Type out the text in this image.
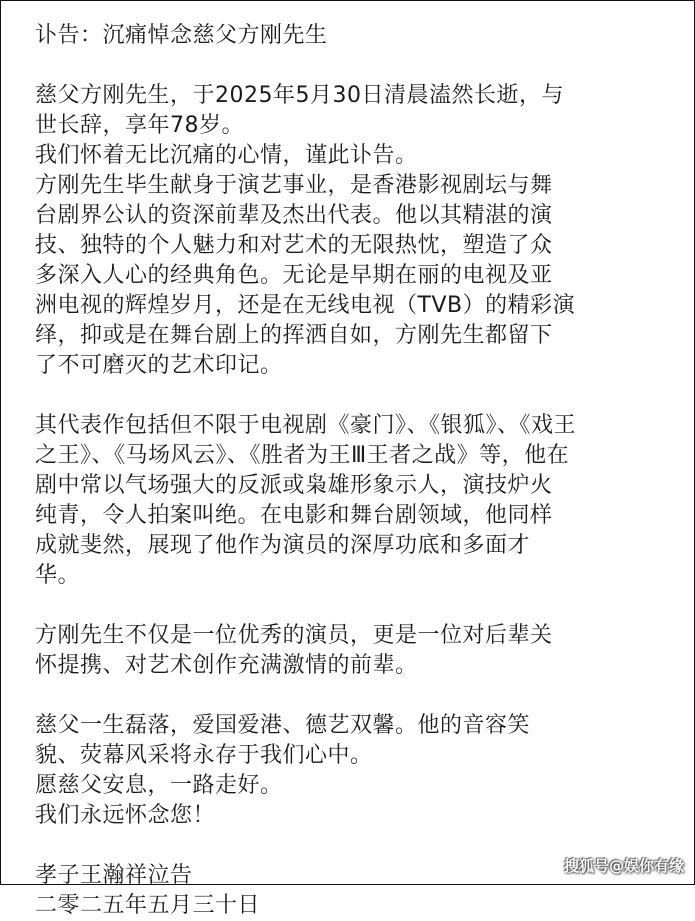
讣告：沉痛悼念慈父方刚先生
慈父方刚先生，于2025年5月30日清晨溘然长逝，与
世长辞，享年78岁。
我们怀着无比沉痛的心情，谨此讣告。
方刚先生毕生献身于演艺事业，是香港影视剧坛与舞
台剧界公认的资深前辈及杰出代表。他以其精湛的演
技、独特的个人魅力和对艺术的无限热忱，塑造了众
多深入人心的经典角色。无论是早期在丽的电视及亚
洲电视的辉煌岁月，还是在无线电视（TVB）的精彩演
绎，抑或是在舞台剧上的挥洒自如，方刚先生都留下
了不可磨灭的艺术印记。
其代表作包括但不限于电视剧《豪门》、《银狐》、《戏王
之王》、《马场风云》、《胜者为王Ⅲ王者之战》等，他在
剧中常以气场强大的反派或枭雄形象示人，演技炉火
纯青，令人拍案叫绝。在电影和舞台剧领域，他同样
成就斐然，展现了他作为演员的深厚功底和多面才
华。
方刚先生不仅是一位优秀的演员，更是一位对后辈关
怀提携、对艺术创作充满激情的前辈。
慈父一生磊落，爱国爱港、德艺双馨。他的音容笑
貌、荧幕风采将永存于我们心中。
愿慈父安息，一路走好。
我们永远怀念您！
孝子王瀚祥泣告
二零二五年五月三十日
搜狐号@娱你有缘
